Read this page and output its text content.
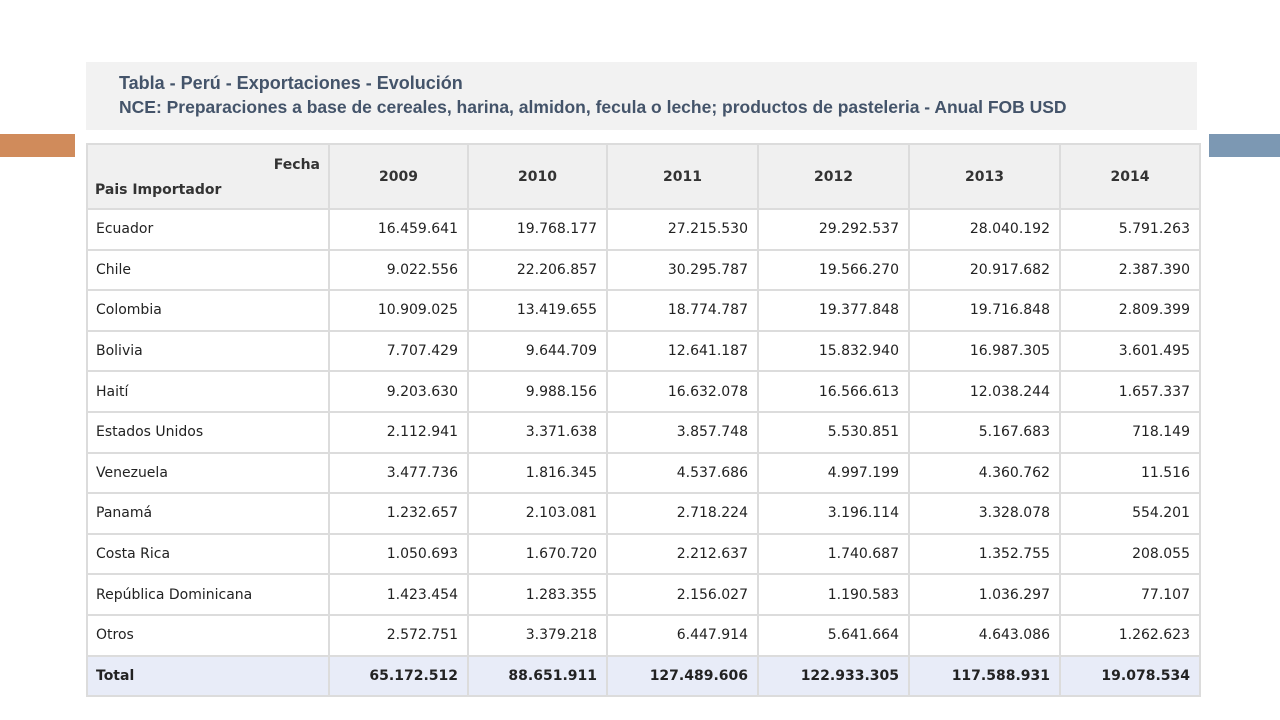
Tabla - Perú - Exportaciones - Evolución
NCE: Preparaciones a base de cereales, harina, almidon, fecula o leche; productos de pasteleria - Anual FOB USD
Fecha
Pais Importador	2009	2010	2011	2012	2013	2014
Ecuador	16.459.641	19.768.177	27.215.530	29.292.537	28.040.192	5.791.263
Chile	9.022.556	22.206.857	30.295.787	19.566.270	20.917.682	2.387.390
Colombia	10.909.025	13.419.655	18.774.787	19.377.848	19.716.848	2.809.399
Bolivia	7.707.429	9.644.709	12.641.187	15.832.940	16.987.305	3.601.495
Haití	9.203.630	9.988.156	16.632.078	16.566.613	12.038.244	1.657.337
Estados Unidos	2.112.941	3.371.638	3.857.748	5.530.851	5.167.683	718.149
Venezuela	3.477.736	1.816.345	4.537.686	4.997.199	4.360.762	11.516
Panamá	1.232.657	2.103.081	2.718.224	3.196.114	3.328.078	554.201
Costa Rica	1.050.693	1.670.720	2.212.637	1.740.687	1.352.755	208.055
República Dominicana	1.423.454	1.283.355	2.156.027	1.190.583	1.036.297	77.107
Otros	2.572.751	3.379.218	6.447.914	5.641.664	4.643.086	1.262.623
Total	65.172.512	88.651.911	127.489.606	122.933.305	117.588.931	19.078.534
